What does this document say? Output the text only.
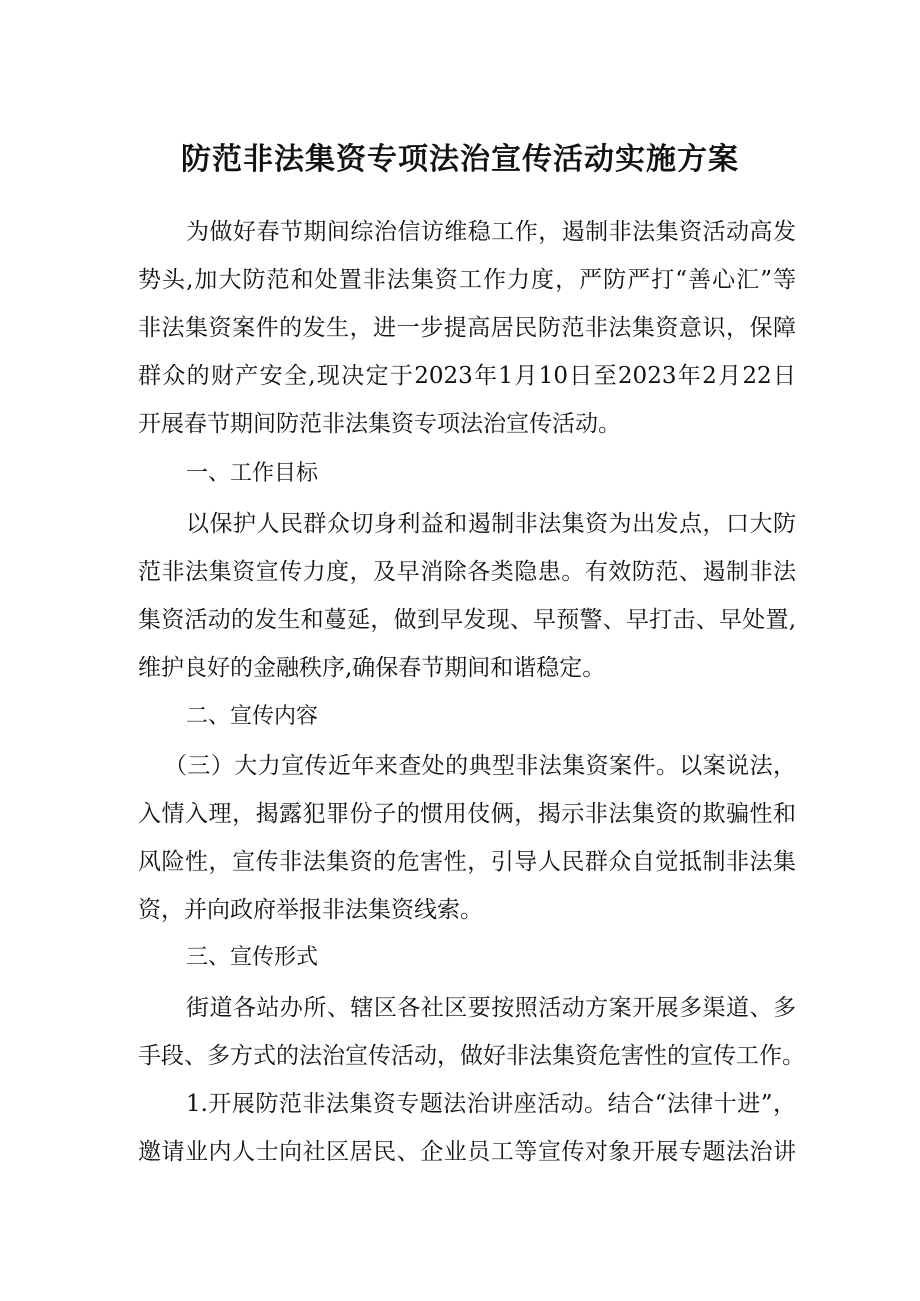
防范非法集资专项法治宣传活动实施方案

为做好春节期间综治信访维稳工作，遏制非法集资活动高发

势头,加大防范和处置非法集资工作力度，严防严打“善心汇”等

非法集资案件的发生，进一步提高居民防范非法集资意识，保障

群众的财产安全,现决定于2023年1月10日至2023年2月22日

开展春节期间防范非法集资专项法治宣传活动。

一、工作目标

以保护人民群众切身利益和遏制非法集资为出发点，口大防

范非法集资宣传力度，及早消除各类隐患。有效防范、遏制非法

集资活动的发生和蔓延，做到早发现、早预警、早打击、早处置,

维护良好的金融秩序,确保春节期间和谐稳定。

二、宣传内容

（三）大力宣传近年来查处的典型非法集资案件。以案说法，

入情入理，揭露犯罪份子的惯用伎俩，揭示非法集资的欺骗性和

风险性，宣传非法集资的危害性，引导人民群众自觉抵制非法集

资，并向政府举报非法集资线索。

三、宣传形式

街道各站办所、辖区各社区要按照活动方案开展多渠道、多

手段、多方式的法治宣传活动，做好非法集资危害性的宣传工作。

1.开展防范非法集资专题法治讲座活动。结合“法律十进”，

邀请业内人士向社区居民、企业员工等宣传对象开展专题法治讲
